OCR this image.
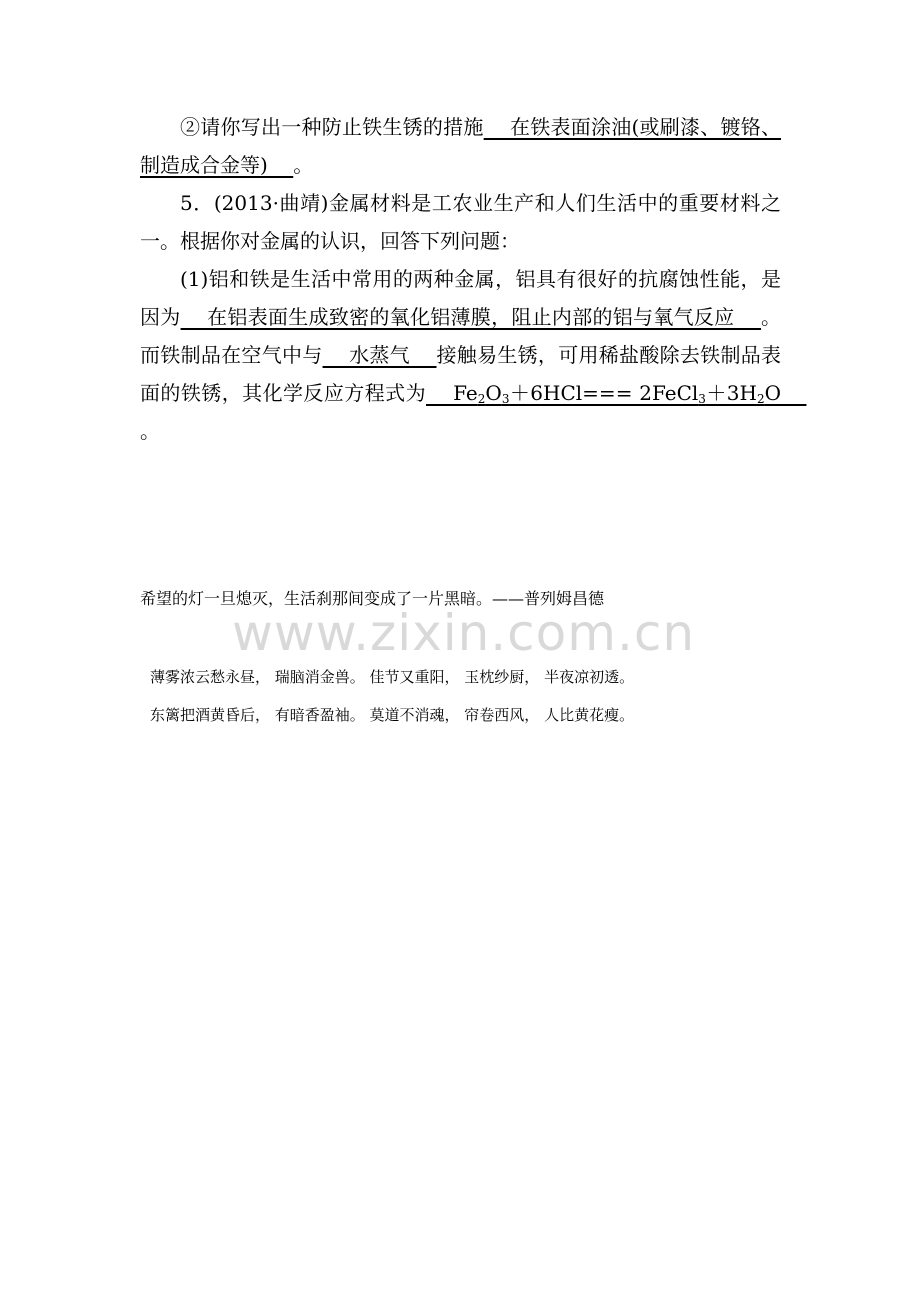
②请你写出一种防止铁生锈的措施    在铁表面涂油(或刷漆、镀铬、制造成合金等)    。

5．(2013·曲靖)金属材料是工农业生产和人们生活中的重要材料之一。根据你对金属的认识，回答下列问题：

(1)铝和铁是生活中常用的两种金属，铝具有很好的抗腐蚀性能，是因为    在铝表面生成致密的氧化铝薄膜，阻止内部的铝与氧气反应    。而铁制品在空气中与    水蒸气    接触易生锈，可用稀盐酸除去铁制品表面的铁锈，其化学反应方程式为    $Fe_2O_3+6HCl===$ $2FeCl_3+3H_2O$    。

希望的灯一旦熄灭，生活刹那间变成了一片黑暗。——普列姆昌德
www.zixin.com.cn
薄雾浓云愁永昼， 瑞脑消金兽。 佳节又重阳， 玉枕纱厨， 半夜凉初透。
东篱把酒黄昏后， 有暗香盈袖。 莫道不消魂， 帘卷西风， 人比黄花瘦。
